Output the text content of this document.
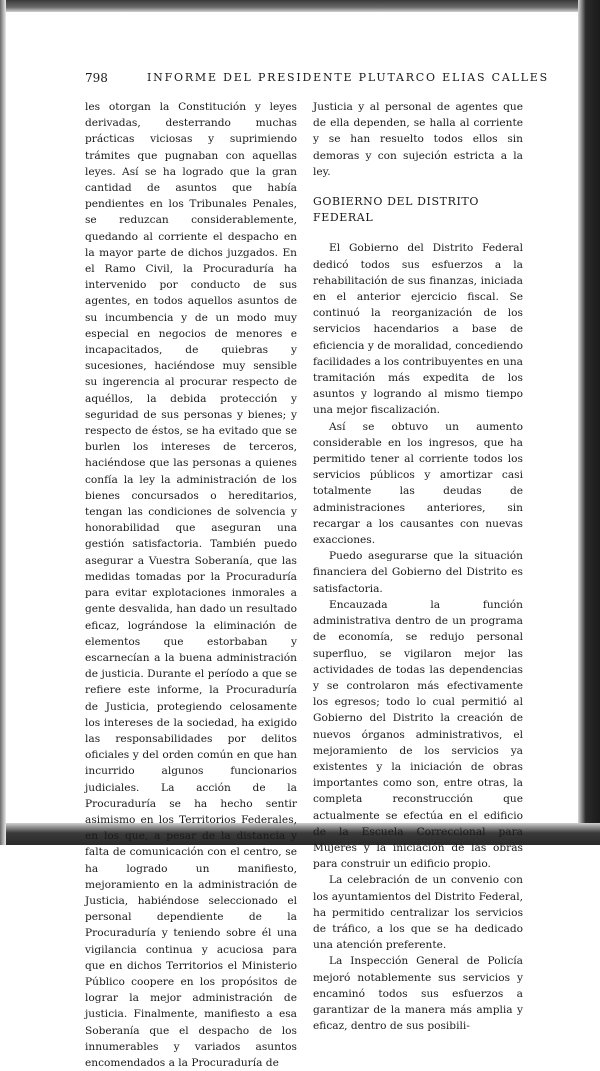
798	INFORME DEL PRESIDENTE PLUTARCO ELIAS CALLES

les otorgan la Constitución y leyes derivadas, desterrando muchas prácticas viciosas y suprimiendo trámites que pugnaban con aquellas leyes. Así se ha logrado que la gran cantidad de asuntos que había pendientes en los Tribunales Penales, se reduzcan considerablemente, quedando al corriente el despacho en la mayor parte de dichos juzgados. En el Ramo Civil, la Procuraduría ha intervenido por conducto de sus agentes, en todos aquellos asuntos de su incumbencia y de un modo muy especial en negocios de menores e incapacitados, de quiebras y sucesiones, haciéndose muy sensible su ingerencia al procurar respecto de aquéllos, la debida protección y seguridad de sus personas y bienes; y respecto de éstos, se ha evitado que se burlen los intereses de terceros, haciéndose que las personas a quienes confía la ley la administración de los bienes concursados o hereditarios, tengan las condiciones de solvencia y honorabilidad que aseguran una gestión satisfactoria. También puedo asegurar a Vuestra Soberanía, que las medidas tomadas por la Procuraduría para evitar explotaciones inmorales a gente desvalida, han dado un resultado eficaz, lográndose la eliminación de elementos que estorbaban y escarnecían a la buena administración de justicia. Durante el período a que se refiere este informe, la Procuraduría de Justicia, protegiendo celosamente los intereses de la sociedad, ha exigido las responsabilidades por delitos oficiales y del orden común en que han incurrido algunos funcionarios judiciales. La acción de la Procuraduría se ha hecho sentir asimismo en los Territorios Federales, en los que, a pesar de la distancia y falta de comunicación con el centro, se ha logrado un manifiesto, mejoramiento en la administración de Justicia, habiéndose seleccionado el personal dependiente de la Procuraduría y teniendo sobre él una vigilancia continua y acuciosa para que en dichos Territorios el Ministerio Público coopere en los propósitos de lograr la mejor administración de justicia. Finalmente, manifiesto a esa Soberanía que el despacho de los innumerables y variados asuntos encomendados a la Procuraduría de

Justicia y al personal de agentes que de ella dependen, se halla al corriente y se han resuelto todos ellos sin demoras y con sujeción estricta a la ley.

GOBIERNO DEL DISTRITO FEDERAL

El Gobierno del Distrito Federal dedicó todos sus esfuerzos a la rehabilitación de sus finanzas, iniciada en el anterior ejercicio fiscal. Se continuó la reorganización de los servicios hacendarios a base de eficiencia y de moralidad, concediendo facilidades a los contribuyentes en una tramitación más expedita de los asuntos y logrando al mismo tiempo una mejor fiscalización.

Así se obtuvo un aumento considerable en los ingresos, que ha permitido tener al corriente todos los servicios públicos y amortizar casi totalmente las deudas de administraciones anteriores, sin recargar a los causantes con nuevas exacciones.

Puedo asegurarse que la situación financiera del Gobierno del Distrito es satisfactoria.

Encauzada la función administrativa dentro de un programa de economía, se redujo personal superfluo, se vigilaron mejor las actividades de todas las dependencias y se controlaron más efectivamente los egresos; todo lo cual permitió al Gobierno del Distrito la creación de nuevos órganos administrativos, el mejoramiento de los servicios ya existentes y la iniciación de obras importantes como son, entre otras, la completa reconstrucción que actualmente se efectúa en el edificio de la Escuela Correccional para Mujeres y la iniciación de las obras para construir un edificio propio.

La celebración de un convenio con los ayuntamientos del Distrito Federal, ha permitido centralizar los servicios de tráfico, a los que se ha dedicado una atención preferente.

La Inspección General de Policía mejoró notablemente sus servicios y encaminó todos sus esfuerzos a garantizar de la manera más amplia y eficaz, dentro de sus posibili-
